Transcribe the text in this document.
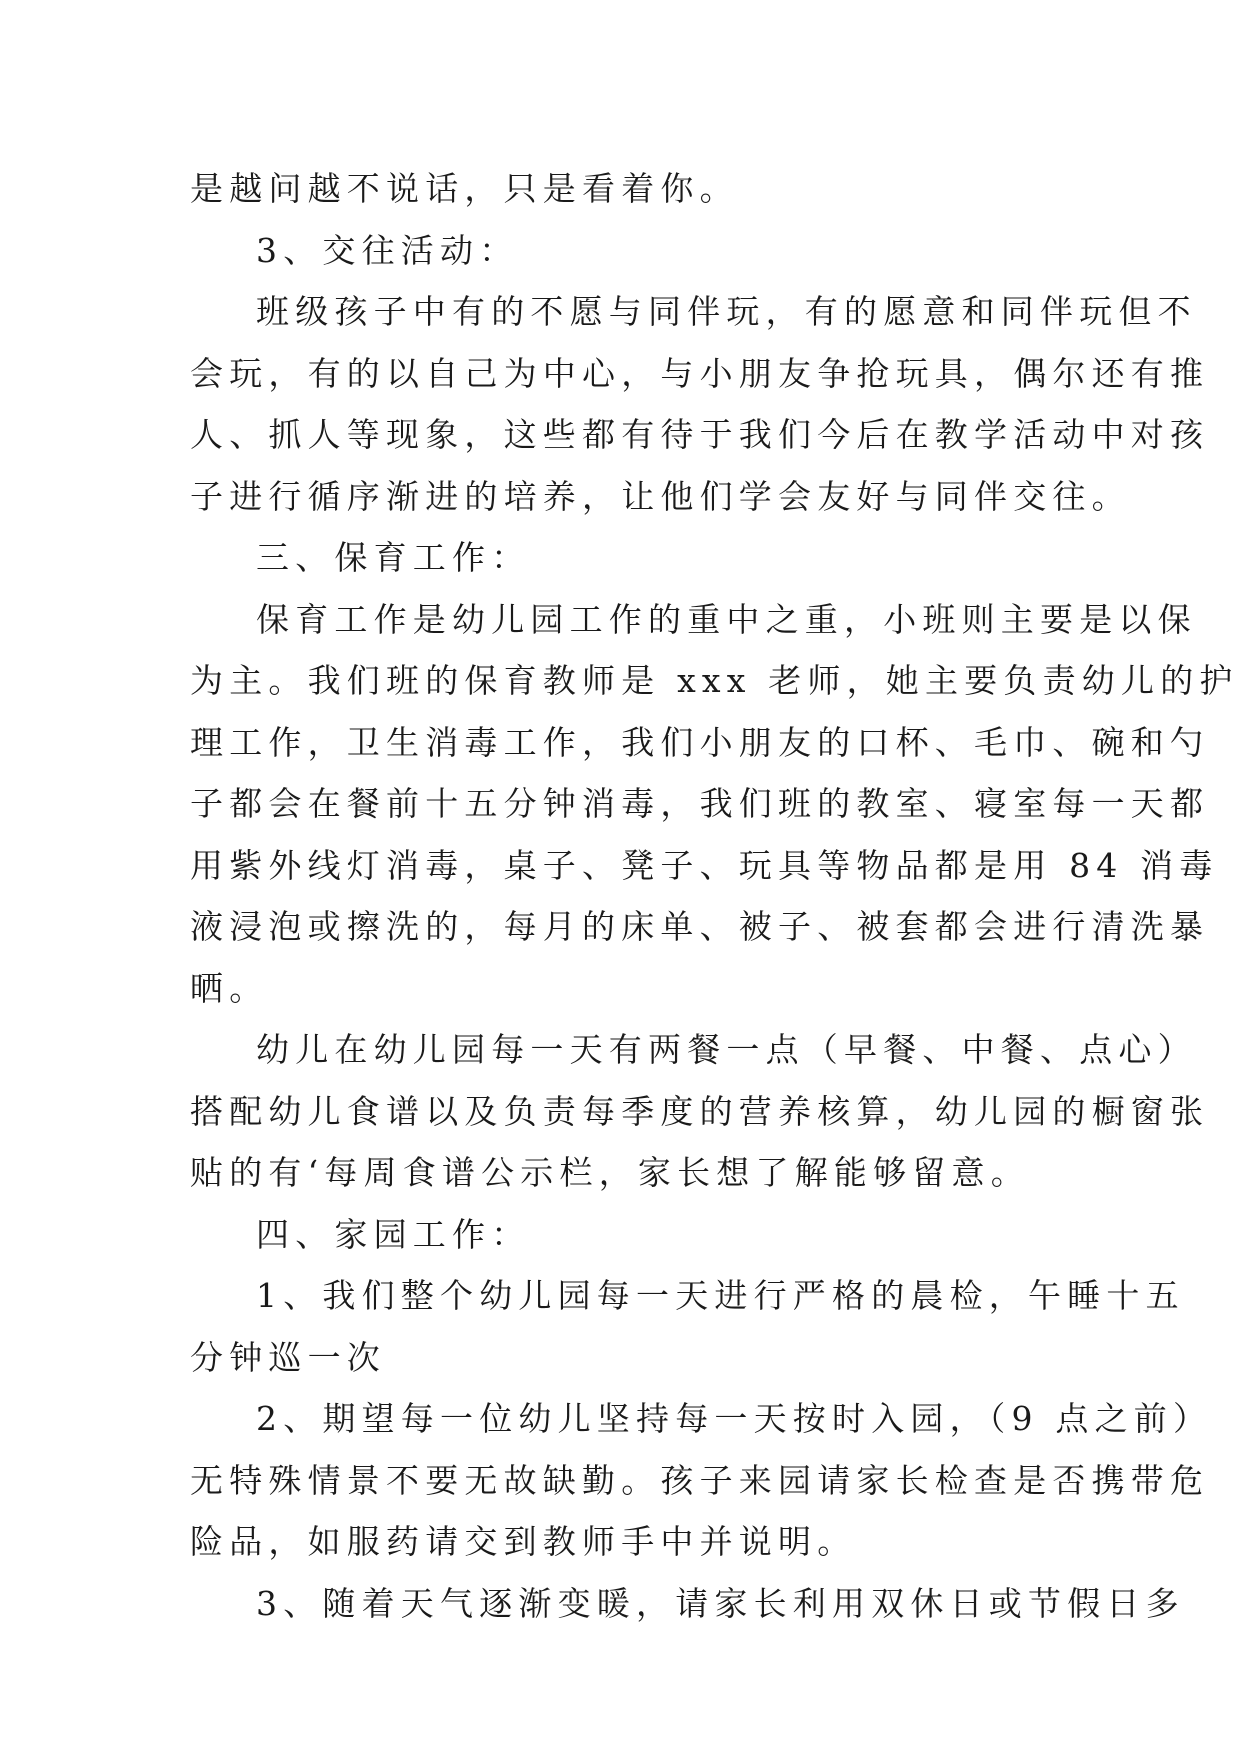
是越问越不说话，只是看着你。
3、交往活动：
班级孩子中有的不愿与同伴玩，有的愿意和同伴玩但不
会玩，有的以自己为中心，与小朋友争抢玩具，偶尔还有推
人、抓人等现象，这些都有待于我们今后在教学活动中对孩
子进行循序渐进的培养，让他们学会友好与同伴交往。
三、保育工作：
保育工作是幼儿园工作的重中之重，小班则主要是以保
为主。我们班的保育教师是 xxx 老师，她主要负责幼儿的护
理工作，卫生消毒工作，我们小朋友的口杯、毛巾、碗和勺
子都会在餐前十五分钟消毒，我们班的教室、寝室每一天都
用紫外线灯消毒，桌子、凳子、玩具等物品都是用 84 消毒
液浸泡或擦洗的，每月的床单、被子、被套都会进行清洗暴
晒。
幼儿在幼儿园每一天有两餐一点（早餐、中餐、点心）
搭配幼儿食谱以及负责每季度的营养核算，幼儿园的橱窗张
贴的有‘每周食谱公示栏，家长想了解能够留意。
四、家园工作：
1、我们整个幼儿园每一天进行严格的晨检，午睡十五
分钟巡一次
2、期望每一位幼儿坚持每一天按时入园，（9 点之前）
无特殊情景不要无故缺勤。孩子来园请家长检查是否携带危
险品，如服药请交到教师手中并说明。
3、随着天气逐渐变暖，请家长利用双休日或节假日多
